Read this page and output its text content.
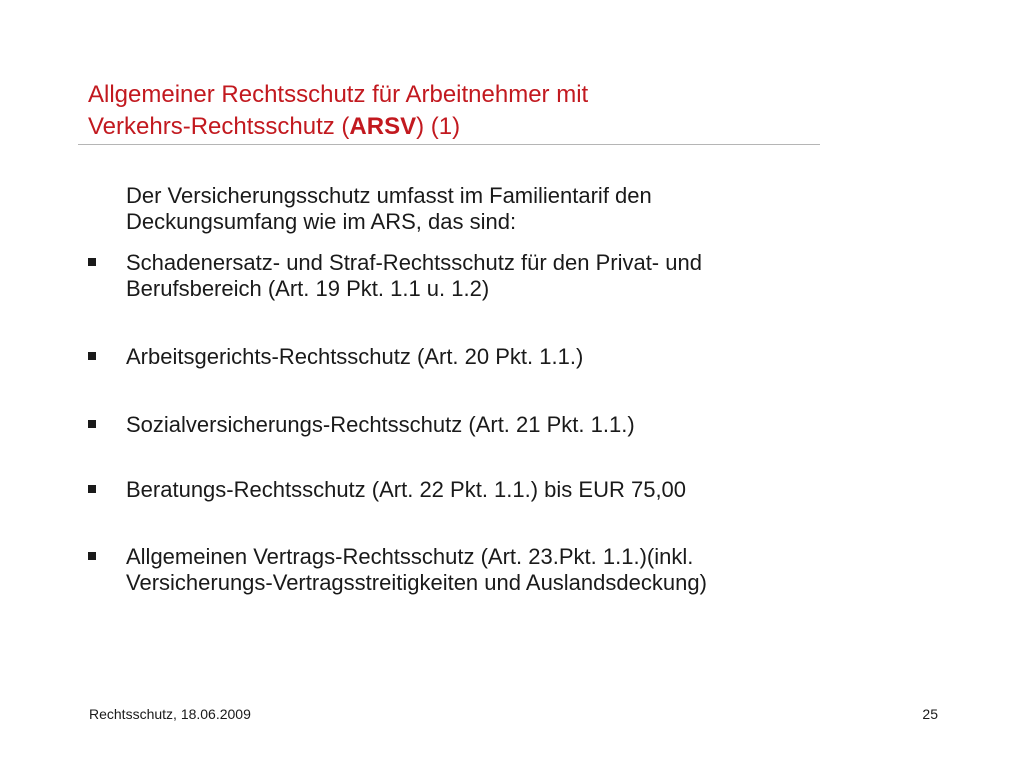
Allgemeiner Rechtsschutz für Arbeitnehmer mit
Verkehrs-Rechtsschutz (ARSV) (1)
Der Versicherungsschutz umfasst im Familientarif den
Deckungsumfang wie im ARS, das sind:
Schadenersatz- und Straf-Rechtsschutz für den Privat- und
Berufsbereich (Art. 19 Pkt. 1.1 u. 1.2)
Arbeitsgerichts-Rechtsschutz (Art. 20 Pkt. 1.1.)
Sozialversicherungs-Rechtsschutz (Art. 21 Pkt. 1.1.)
Beratungs-Rechtsschutz (Art. 22 Pkt. 1.1.) bis EUR 75,00
Allgemeinen Vertrags-Rechtsschutz (Art. 23.Pkt. 1.1.)(inkl.
Versicherungs-Vertragsstreitigkeiten und Auslandsdeckung)
Rechtsschutz, 18.06.2009	25
